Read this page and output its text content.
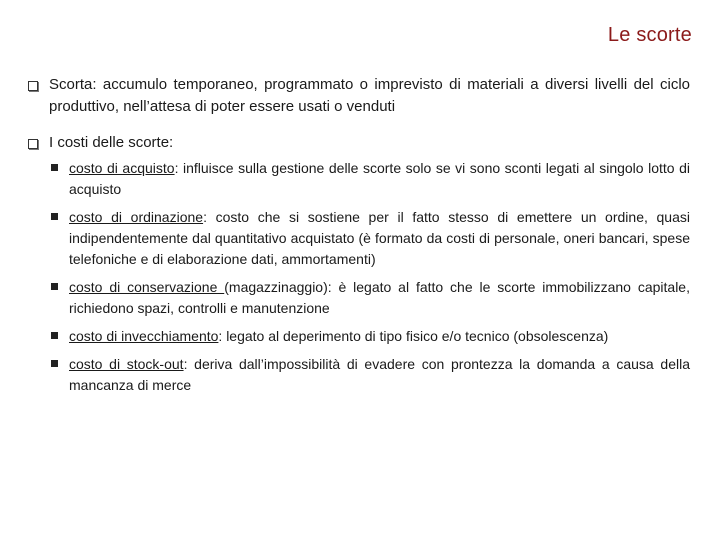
Le scorte
Scorta: accumulo temporaneo, programmato o imprevisto di materiali a diversi livelli del ciclo produttivo, nell’attesa di poter essere usati o venduti
I costi delle scorte:
costo di acquisto: influisce sulla gestione delle scorte solo se vi sono sconti legati al singolo lotto di acquisto
costo di ordinazione: costo che si sostiene per il fatto stesso di emettere un ordine, quasi indipendentemente dal quantitativo acquistato (è formato da costi di personale, oneri bancari, spese telefoniche e di elaborazione dati, ammortamenti)
costo di conservazione (magazzinaggio): è legato al fatto che le scorte immobilizzano capitale, richiedono spazi, controlli e manutenzione
costo di invecchiamento: legato al deperimento di tipo fisico e/o tecnico (obsolescenza)
costo di stock-out: deriva dall’impossibilità di evadere con prontezza la domanda a causa della mancanza di merce
